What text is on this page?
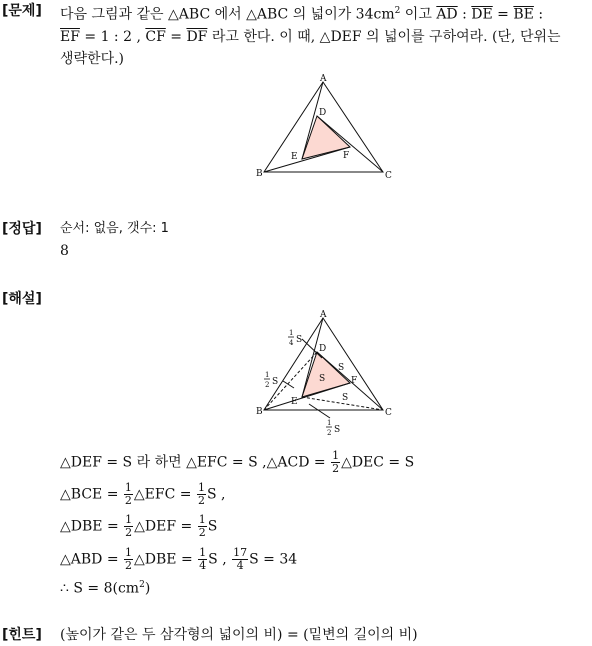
[문제] 다음 그림과 같은 △ABC 에서 △ABC 의 넓이가 $34cm^2$ 이고 $\overline{AD}$ : $\overline{DE} = \overline{BE}$ :
$\overline{EF} = 1$ : 2 , $\overline{CF} = \overline{DF}$ 라고 한다. 이 때, △DEF 의 넓이를 구하여라. (단, 단위는
생략한다.)
A
B	C
D
E	F
[정답] 순서: 없음, 갯수: 1
8
[해설]
A
B	C
D
E
F
S
S
S
1
4 S
1
2 S
1
2 S
△DEF = S 라 하면 △EFC = S ,△ACD = $\frac{1}{2}$ △DEC = S
△BCE = $\frac{1}{2}$ △EFC = $\frac{1}{2}$ S ,
△DBE = $\frac{1}{2}$ △DEF = $\frac{1}{2}$ S
△ABD = $\frac{1}{2}$ △DBE = $\frac{1}{4}$ S , $\frac{17}{4}$ S = 34
∴ $S = 8(cm^2)$
[힌트] (높이가 같은 두 삼각형의 넓이의 비) = (밑변의 길이의 비)
